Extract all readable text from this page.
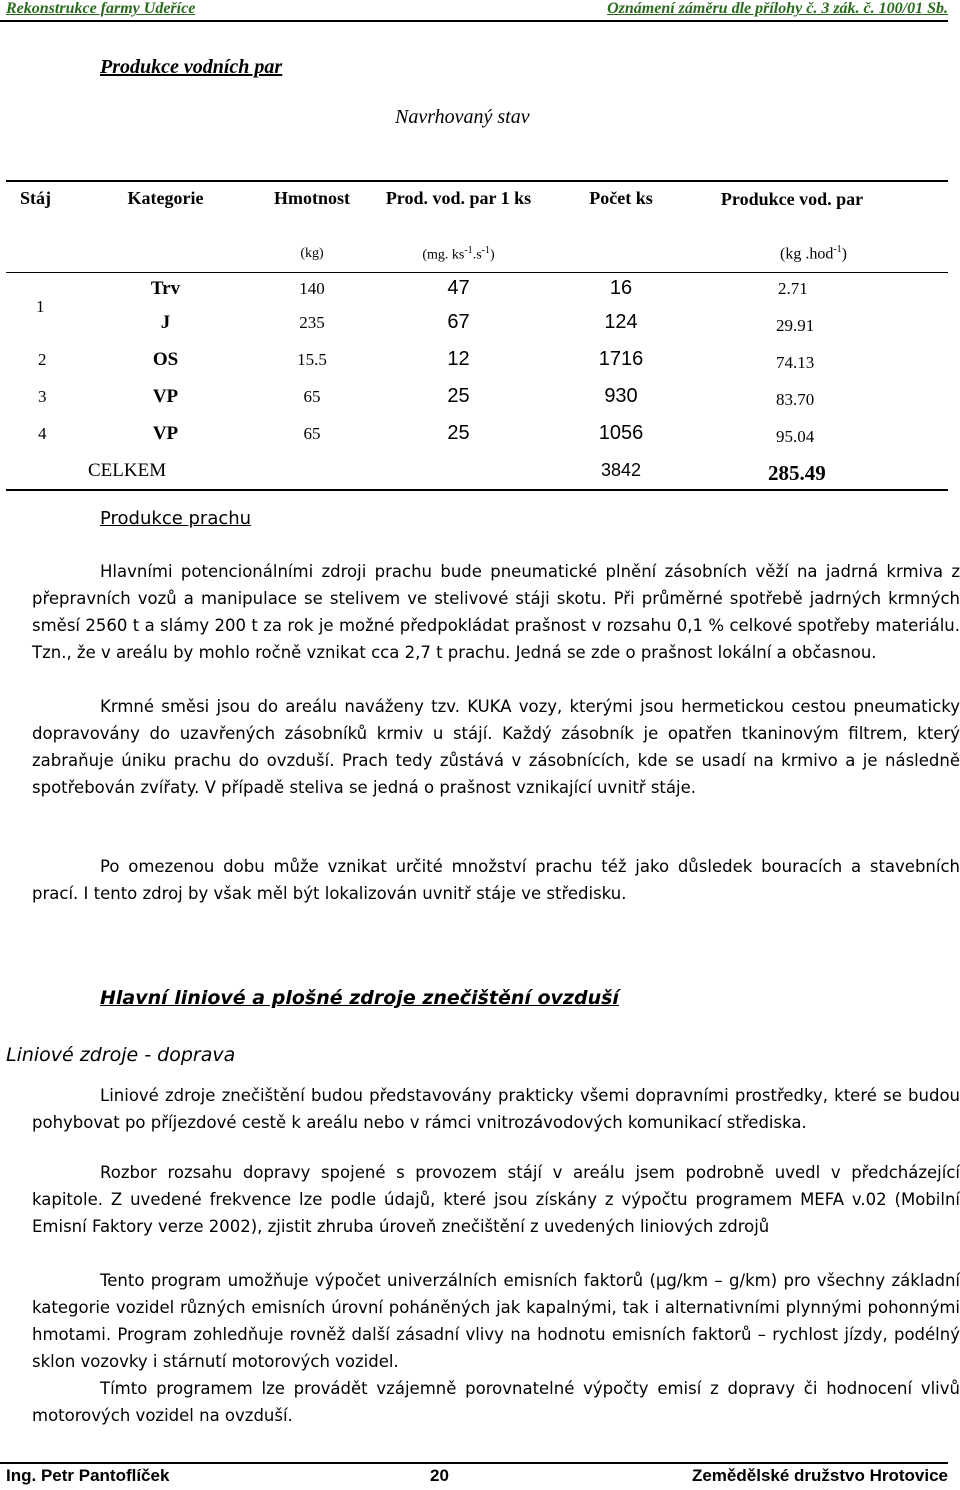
Rekonstrukce farmy Udeříce	Oznámení záměru dle přílohy č. 3 zák. č. 100/01 Sb.
Produkce vodních par
Navrhovaný stav
Stáj	Kategorie	Hmotnost	Prod. vod. par 1 ks	Počet ks	Produkce vod. par
		(kg)	(mg. $ks^{-1}.s^{-1}$)		(kg .hod$^{-1}$)
1	Trv	140	47	16	2.71
	J	235	67	124	29.91
2	OS	15.5	12	1716	74.13
3	VP	65	25	930	83.70
4	VP	65	25	1056	95.04
CELKEM				3842	285.49
Produkce prachu

Hlavními potencionálními zdroji prachu bude pneumatické plnění zásobních věží na jadrná krmiva z přepravních vozů a manipulace se stelivem ve stelivové stáji skotu. Při průměrné spotřebě jadrných krmných směsí 2560 t a slámy 200 t za rok je možné předpokládat prašnost v rozsahu 0,1 % celkové spotřeby materiálu. Tzn., že v areálu by mohlo ročně vznikat cca 2,7 t prachu. Jedná se zde o prašnost lokální a občasnou.

Krmné směsi jsou do areálu naváženy tzv. KUKA vozy, kterými jsou hermetickou cestou pneumaticky dopravovány do uzavřených zásobníků krmiv u stájí. Každý zásobník je opatřen tkaninovým filtrem, který zabraňuje úniku prachu do ovzduší. Prach tedy zůstává v zásobnících, kde se usadí na krmivo a je následně spotřebován zvířaty. V případě steliva se jedná o prašnost vznikající uvnitř stáje.

Po omezenou dobu může vznikat určité množství prachu též jako důsledek bouracích a stavebních prací. I tento zdroj by však měl být lokalizován uvnitř stáje ve středisku.

Hlavní liniové a plošné zdroje znečištění ovzduší
Liniové zdroje - doprava

Liniové zdroje znečištění budou představovány prakticky všemi dopravními prostředky, které se budou pohybovat po příjezdové cestě k areálu nebo v rámci vnitrozávodových komunikací střediska.

Rozbor rozsahu dopravy spojené s provozem stájí v areálu jsem podrobně uvedl v předcházející kapitole. Z uvedené frekvence lze podle údajů, které jsou získány z výpočtu programem MEFA v.02 (Mobilní Emisní Faktory verze 2002), zjistit zhruba úroveň znečištění z uvedených liniových zdrojů

Tento program umožňuje výpočet univerzálních emisních faktorů (µg/km – g/km) pro všechny základní kategorie vozidel různých emisních úrovní poháněných jak kapalnými, tak i alternativními plynnými pohonnými hmotami. Program zohledňuje rovněž další zásadní vlivy na hodnotu emisních faktorů – rychlost jízdy, podélný sklon vozovky i stárnutí motorových vozidel.

Tímto programem lze provádět vzájemně porovnatelné výpočty emisí z dopravy či hodnocení vlivů motorových vozidel na ovzduší.

Ing. Petr Pantoflíček	20	Zemědělské družstvo Hrotovice
